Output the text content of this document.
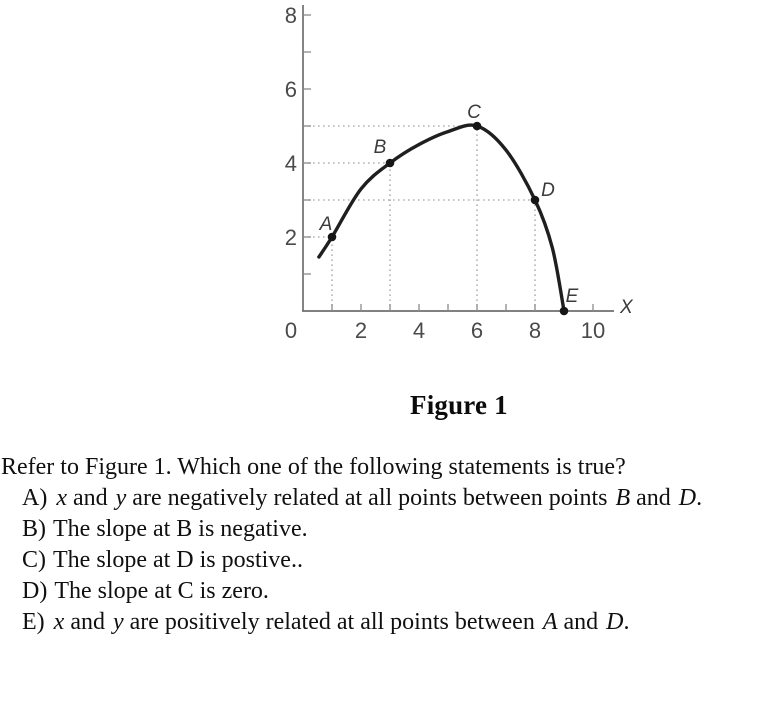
0	2 4 6 8 10
2
4
6
8
X
A
B
C
D
E
Figure 1
Refer to Figure 1. Which one of the following statements is true?
A) x and y are negatively related at all points between points B and D.
B) The slope at B is negative.
C) The slope at D is postive..
D) The slope at C is zero.
E) x and y are positively related at all points between A and D.
